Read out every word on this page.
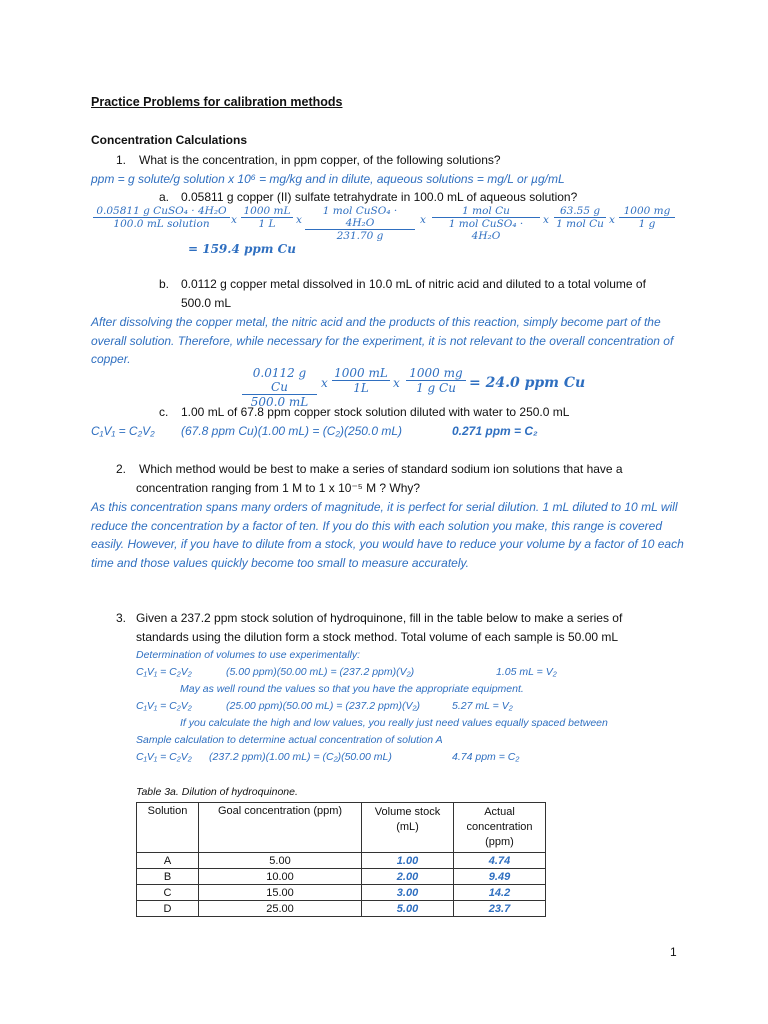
Practice Problems for calibration methods
Concentration Calculations
1. What is the concentration, in ppm copper, of the following solutions?
ppm = g solute/g solution x 10⁶ = mg/kg and in dilute, aqueous solutions = mg/L or µg/mL
a. 0.05811 g copper (II) sulfate tetrahydrate in 100.0 mL of aqueous solution?
0.05811 g CuSO₄ · 4H₂O
100.0 mL solution	x $\frac{1000 mL}{1 L}$ x
1 mol CuSO₄ · 4H₂O
231.70 g
x
1 mol Cu
1 mol CuSO₄ · 4H₂O
x
63.55 g
1 mol Cu x $\frac{1000 mg}{1 g}$
= 159.4 ppm Cu
b. 0.0112 g copper metal dissolved in 10.0 mL of nitric acid and diluted to a total volume of
500.0 mL
After dissolving the copper metal, the nitric acid and the products of this reaction, simply become part of the overall solution. Therefore, while necessary for the experiment, it is not relevant to the overall concentration of copper.
$\frac{\text{0.0112 g Cu}}{500.0 mL}$ x $\frac{1000 mL}{1L}$ x $\frac{1000 mg}{\text{1 g Cu}} = 24.0$ ppm Cu
c. 1.00 mL of 67.8 ppm copper stock solution diluted with water to 250.0 mL
C₁V₁ = C₂V₂ (67.8 ppm Cu)(1.00 mL) = (C₂)(250.0 mL)	0.271 ppm = C₂
2. Which method would be best to make a series of standard sodium ion solutions that have a
concentration ranging from 1 M to 1 x 10⁻⁵ M ? Why?
As this concentration spans many orders of magnitude, it is perfect for serial dilution. 1 mL diluted to 10 mL will reduce the concentration by a factor of ten. If you do this with each solution you make, this range is covered easily. However, if you have to dilute from a stock, you would have to reduce your volume by a factor of 10 each time and those values quickly become too small to measure accurately.
3. Given a 237.2 ppm stock solution of hydroquinone, fill in the table below to make a series of
standards using the dilution form a stock method. Total volume of each sample is 50.00 mL
Determination of volumes to use experimentally:
C₁V₁ = C₂V₂	(5.00 ppm)(50.00 mL) = (237.2 ppm)(V₂)	1.05 mL = V₂
May as well round the values so that you have the appropriate equipment.
C₁V₁ = C₂V₂	(25.00 ppm)(50.00 mL) = (237.2 ppm)(V₂)	5.27 mL = V₂
If you calculate the high and low values, you really just need values equally spaced between
Sample calculation to determine actual concentration of solution A
C₁V₁ = C₂V₂ (237.2 ppm)(1.00 mL) = (C₂)(50.00 mL)	4.74 ppm = C₂
Table 3a. Dilution of hydroquinone.
Solution	Goal concentration (ppm)	Volume stock (mL)	Actual concentration (ppm)
A	5.00	1.00	4.74
B	10.00	2.00	9.49
C	15.00	3.00	14.2
D	25.00	5.00	23.7
1
